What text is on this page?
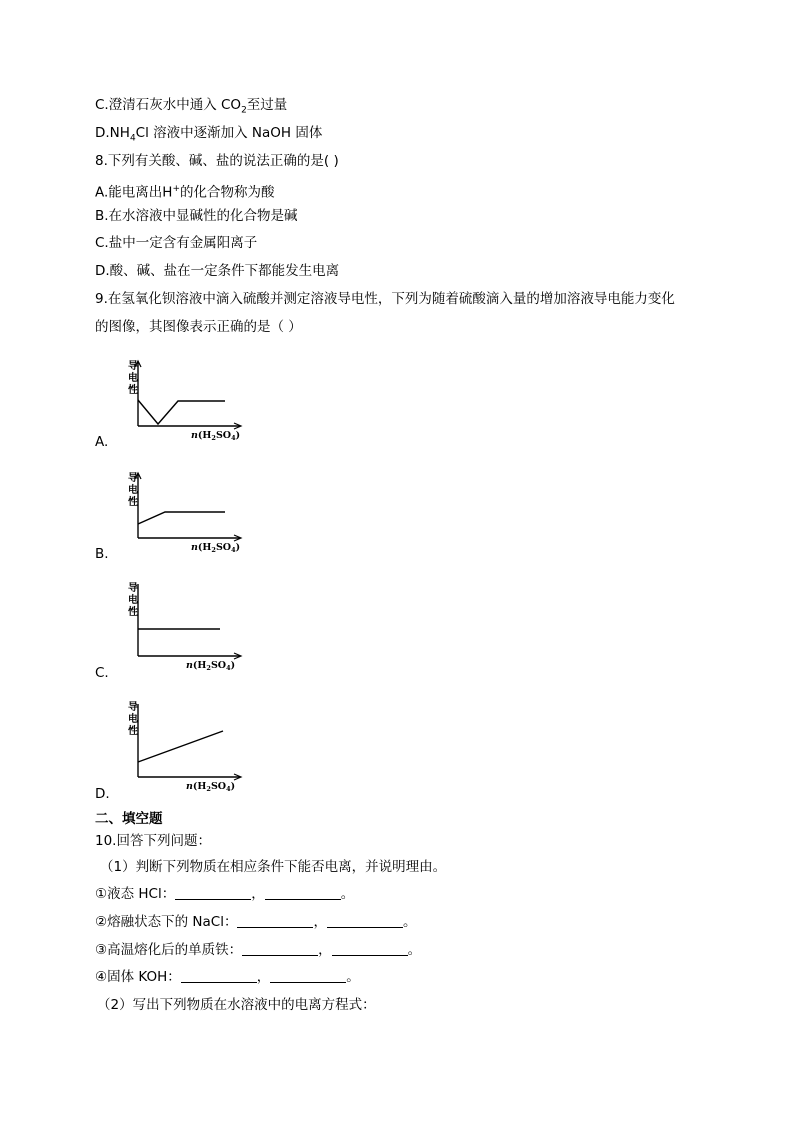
C.澄清石灰水中通入 $CO_2$至过量
$D.NH_4Cl$ 溶液中逐渐加入 NaOH 固体
8.下列有关酸、碱、盐的说法正确的是( )
A.能电离出H+的化合物称为酸
B.在水溶液中显碱性的化合物是碱
C.盐中一定含有金属阳离子
D.酸、碱、盐在一定条件下都能发生电离
9.在氢氧化钡溶液中滴入硫酸并测定溶液导电性，下列为随着硫酸滴入量的增加溶液导电能力变化
的图像，其图像表示正确的是（ ）
A.
B.
C.
D.
导
电
性
$n(H_2SO_4)$
导
电
性
$n(H_2SO_4)$
导
电
性
$n(H_2SO_4)$
导
电
性
$n(H_2SO_4)$
二、填空题
10.回答下列问题：
（1）判断下列物质在相应条件下能否电离，并说明理由。
①液态 HCl：	，	。
②熔融状态下的 NaCl：	，	。
③高温熔化后的单质铁：	，	。
④固体 KOH：	，	。
（2）写出下列物质在水溶液中的电离方程式：
